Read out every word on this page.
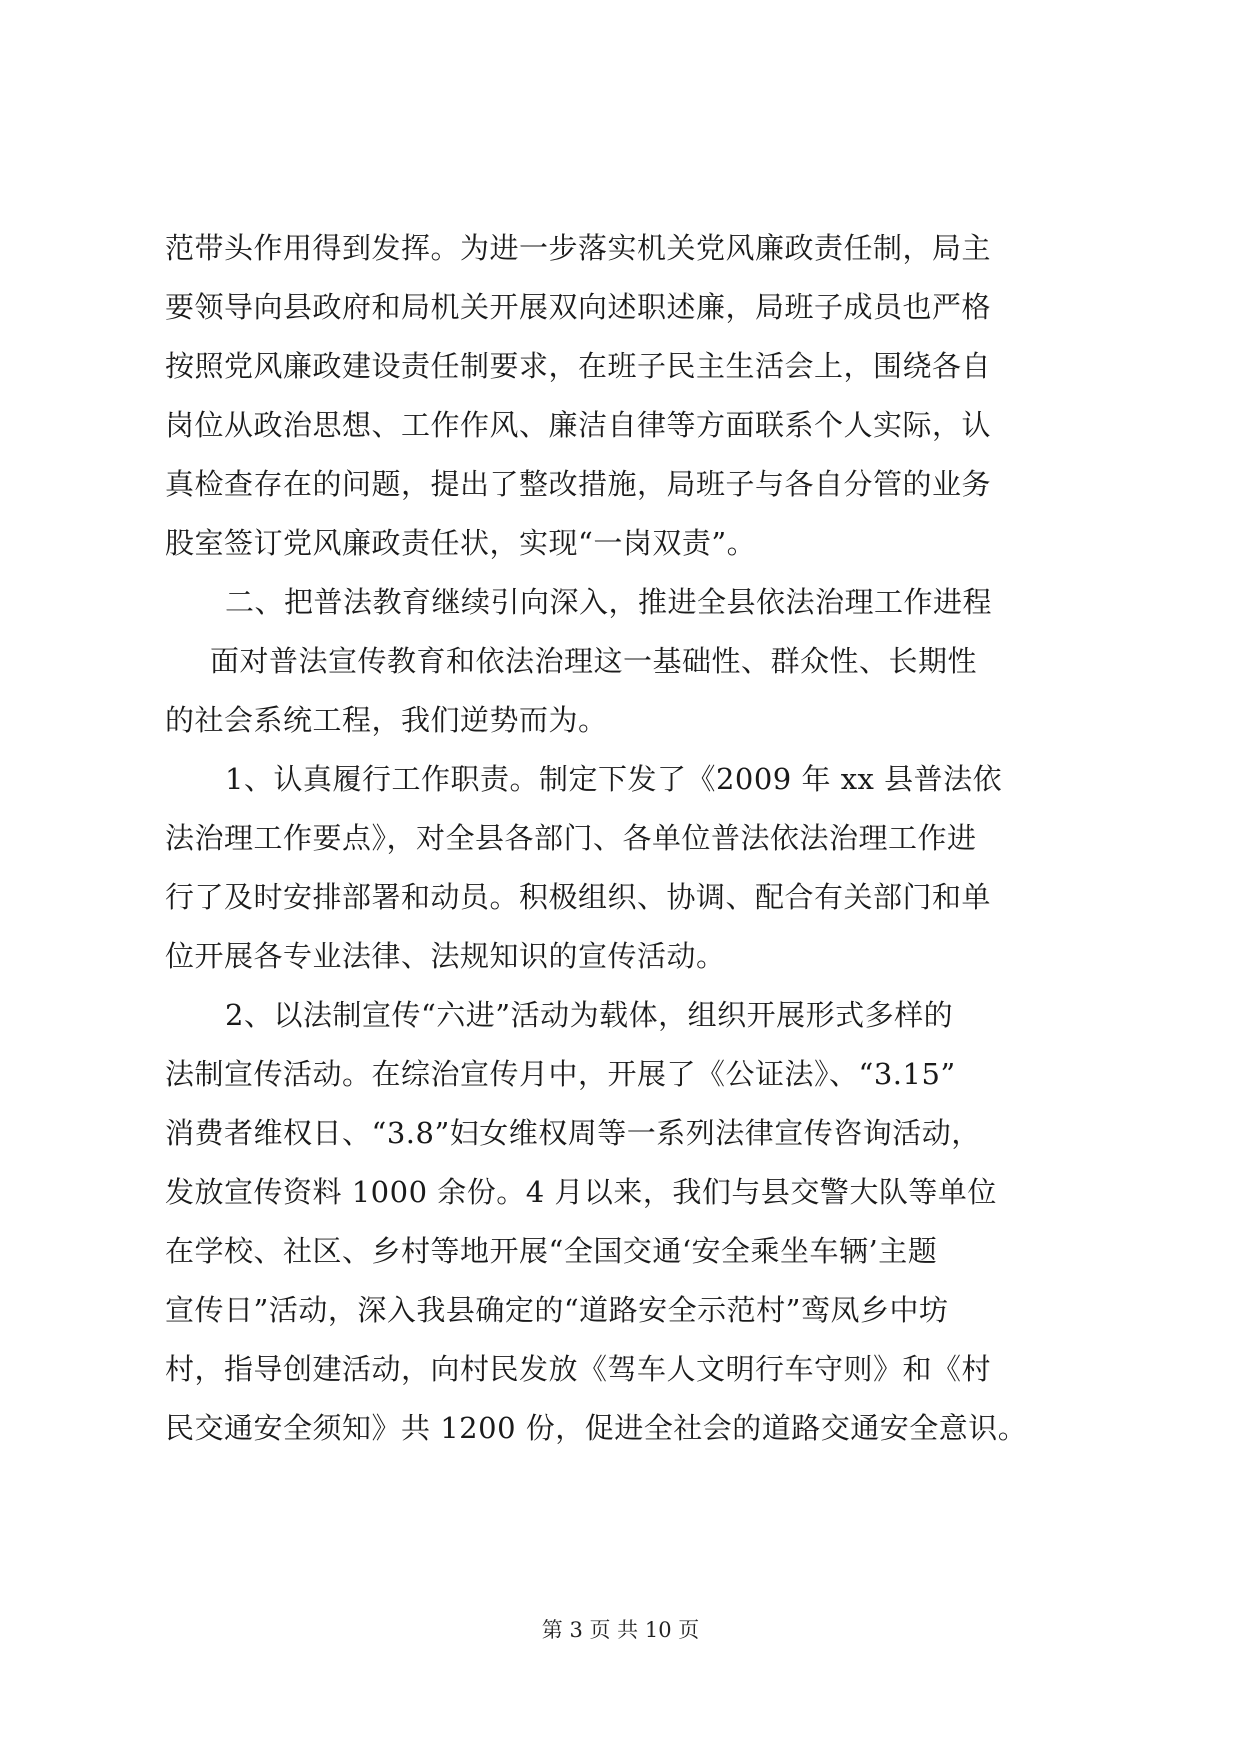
范带头作用得到发挥。为进一步落实机关党风廉政责任制，局主
要领导向县政府和局机关开展双向述职述廉，局班子成员也严格
按照党风廉政建设责任制要求，在班子民主生活会上，围绕各自
岗位从政治思想、工作作风、廉洁自律等方面联系个人实际，认
真检查存在的问题，提出了整改措施，局班子与各自分管的业务
股室签订党风廉政责任状，实现“一岗双责”。
二、把普法教育继续引向深入，推进全县依法治理工作进程
面对普法宣传教育和依法治理这一基础性、群众性、长期性
的社会系统工程，我们逆势而为。
1、认真履行工作职责。制定下发了《2009 年 xx 县普法依
法治理工作要点》，对全县各部门、各单位普法依法治理工作进
行了及时安排部署和动员。积极组织、协调、配合有关部门和单
位开展各专业法律、法规知识的宣传活动。
2、以法制宣传“六进”活动为载体，组织开展形式多样的
法制宣传活动。在综治宣传月中，开展了《公证法》、“3.15”
消费者维权日、“3.8”妇女维权周等一系列法律宣传咨询活动，
发放宣传资料 1000 余份。4 月以来，我们与县交警大队等单位
在学校、社区、乡村等地开展“全国交通‘安全乘坐车辆’主题
宣传日”活动，深入我县确定的“道路安全示范村”鸾凤乡中坊
村，指导创建活动，向村民发放《驾车人文明行车守则》和《村
民交通安全须知》共 1200 份，促进全社会的道路交通安全意识。
第 3 页 共 10 页
